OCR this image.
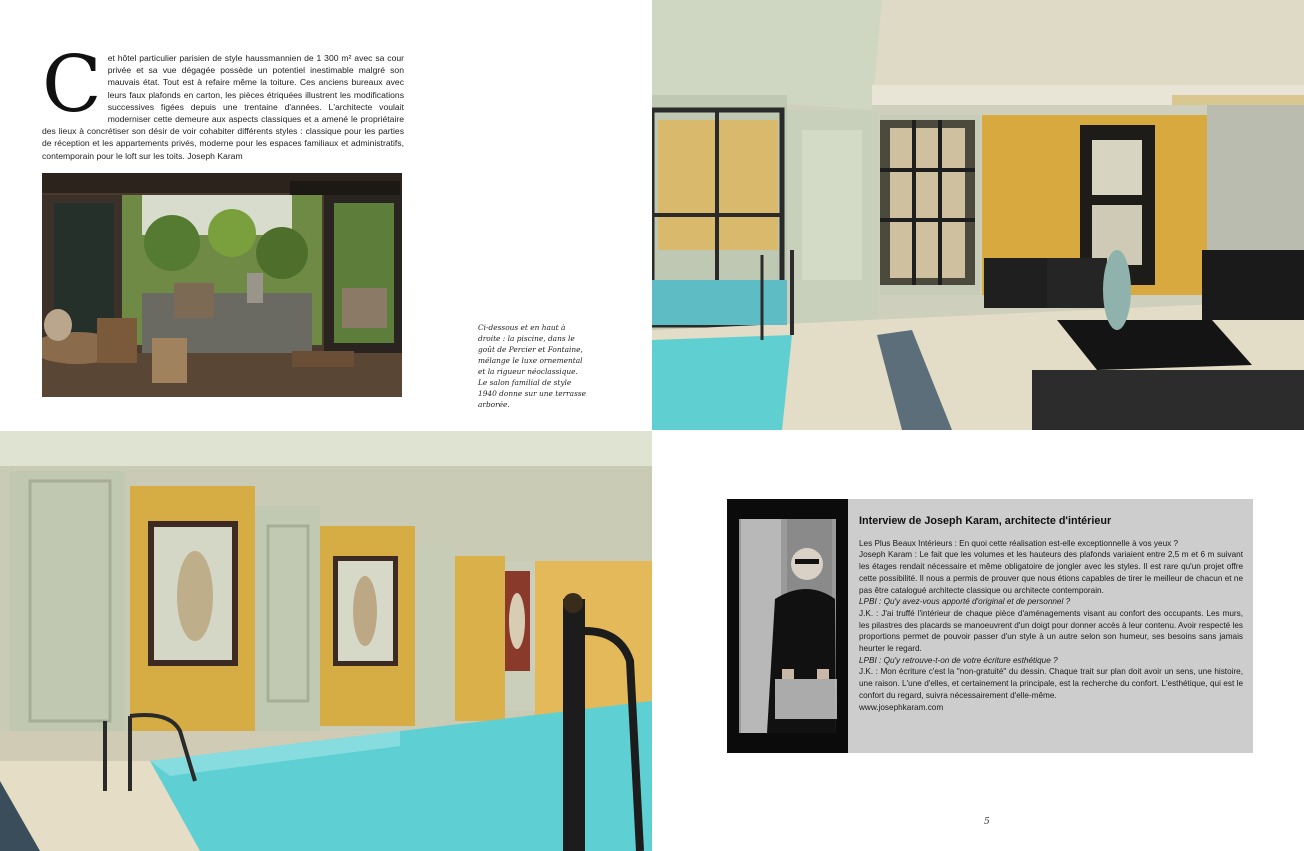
C et hôtel particulier parisien de style haussmannien de 1 300 m² avec sa cour privée et sa vue dégagée possède un potentiel inestimable malgré son mauvais état. Tout est à refaire même la toiture. Ces anciens bureaux avec leurs faux plafonds en carton, les pièces étriquées illustrent les modifications successives figées depuis une trentaine d'années. L'architecte voulait moderniser cette demeure aux aspects classiques et a amené le propriétaire des lieux à concrétiser son désir de voir cohabiter différents styles : classique pour les parties de réception et les appartements privés, moderne pour les espaces familiaux et administratifs, contemporain pour le loft sur les toits. Joseph Karam
Ci-dessous et en haut à droite : la piscine, dans le goût de Percier et Fontaine, mélange le luxe ornemental et la rigueur néoclassique. Le salon familial de style 1940 donne sur une terrasse arborée.
Interview de Joseph Karam, architecte d'intérieur

Les Plus Beaux Intérieurs : En quoi cette réalisation est-elle exceptionnelle à vos yeux ?

Joseph Karam : Le fait que les volumes et les hauteurs des plafonds variaient entre 2,5 m et 6 m suivant les étages rendait nécessaire et même obligatoire de jongler avec les styles. Il est rare qu'un projet offre cette possibilité. Il nous a permis de prouver que nous étions capables de tirer le meilleur de chacun et ne pas être catalogué architecte classique ou architecte contemporain.

LPBI : Qu'y avez-vous apporté d'original et de personnel ?

J.K. : J'ai truffé l'intérieur de chaque pièce d'aménagements visant au confort des occupants. Les murs, les pilastres des placards se manoeuvrent d'un doigt pour donner accès à leur contenu. Avoir respecté les proportions permet de pouvoir passer d'un style à un autre selon son humeur, ses besoins sans jamais heurter le regard.

LPBI : Qu'y retrouve-t-on de votre écriture esthétique ?

J.K. : Mon écriture c'est la "non-gratuité" du dessin. Chaque trait sur plan doit avoir un sens, une histoire, une raison. L'une d'elles, et certainement la principale, est la recherche du confort. L'esthétique, qui est le confort du regard, suivra nécessairement d'elle-même.

www.josephkaram.com

5
